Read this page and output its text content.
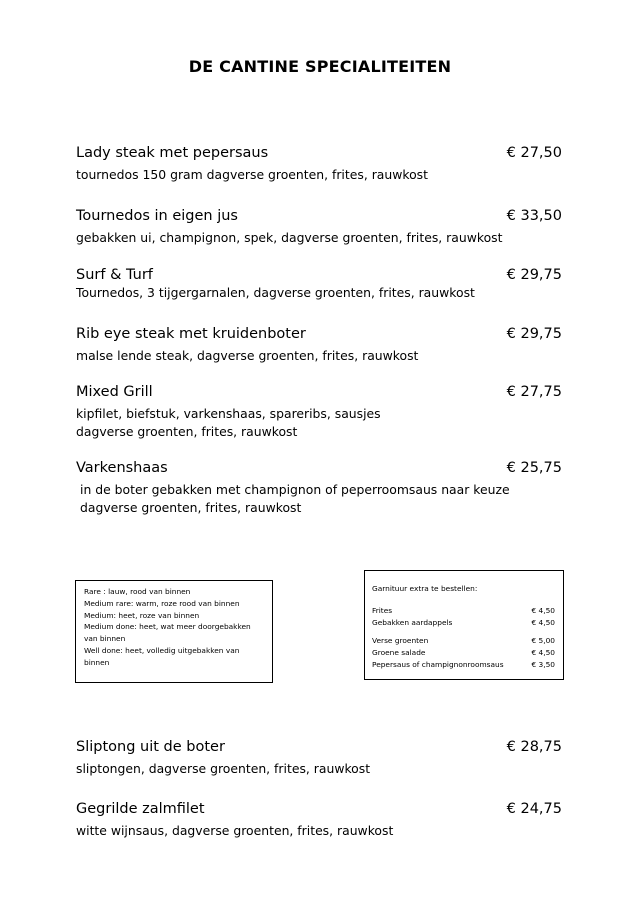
DE CANTINE SPECIALITEITEN
Lady steak met pepersaus	€ 27,50
tournedos 150 gram dagverse groenten, frites, rauwkost
Tournedos in eigen jus	€ 33,50
gebakken ui, champignon, spek, dagverse groenten, frites, rauwkost
Surf & Turf	€ 29,75
Tournedos, 3 tijgergarnalen, dagverse groenten, frites, rauwkost
Rib eye steak met kruidenboter	€ 29,75
malse lende steak, dagverse groenten, frites, rauwkost
Mixed Grill	€ 27,75
kipfilet, biefstuk, varkenshaas, spareribs, sausjes
dagverse groenten, frites, rauwkost
Varkenshaas	€ 25,75
in de boter gebakken met champignon of peperroomsaus naar keuze
dagverse groenten, frites, rauwkost
Rare : lauw, rood van binnen
Medium rare: warm, roze rood van binnen
Medium: heet, roze van binnen
Medium done: heet, wat meer doorgebakken van binnen
Well done: heet, volledig uitgebakken van binnen
Garnituur extra te bestellen:
Frites	€ 4,50
Gebakken aardappels	€ 4,50
Verse groenten	€ 5,00
Groene salade	€ 4,50
Pepersaus of champignonroomsaus	€ 3,50
Sliptong uit de boter	€ 28,75
sliptongen, dagverse groenten, frites, rauwkost
Gegrilde zalmfilet	€ 24,75
witte wijnsaus, dagverse groenten, frites, rauwkost
